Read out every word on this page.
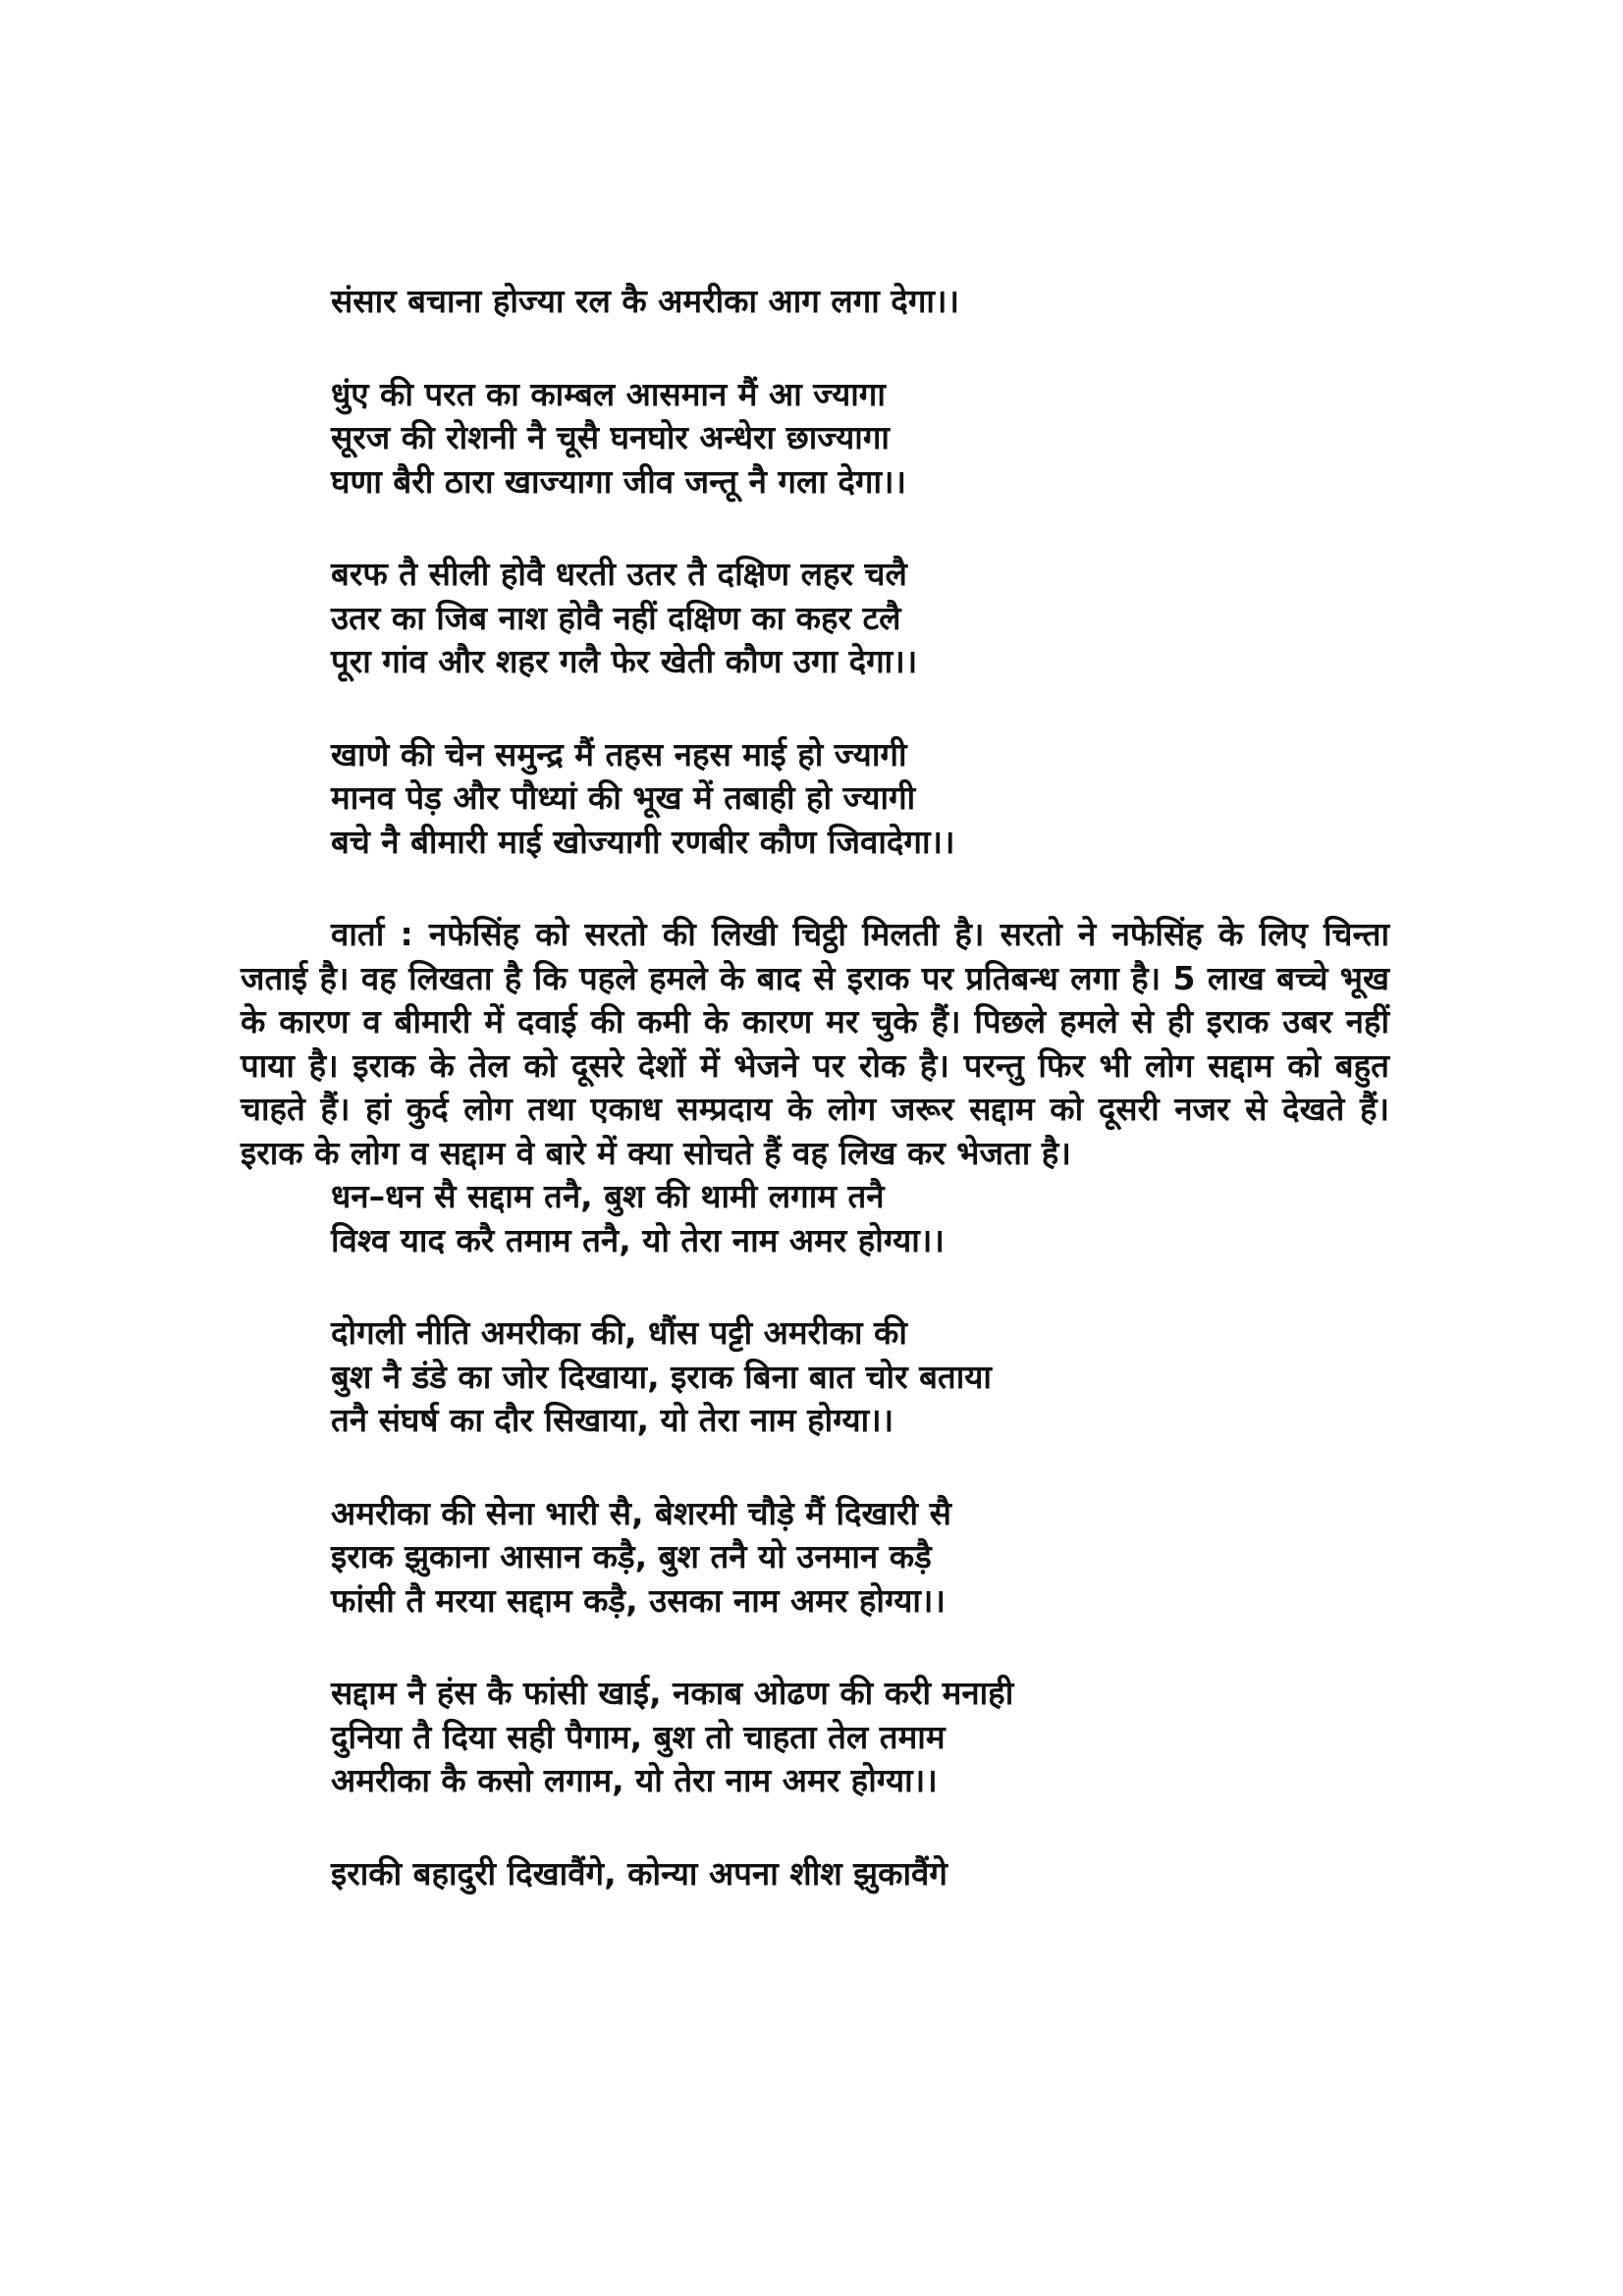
संसार बचाना होज्या रल कै अमरीका आग लगा देगा।।
धुंए की परत का काम्बल आसमान मैं आ ज्यागा
सूरज की रोशनी नै चूसै घनघोर अन्धेरा छाज्यागा
घणा बैरी ठारा खाज्यागा जीव जन्तू नै गला देगा।।
बरफ तै सीली होवै धरती उतर तै दक्षिण लहर चलै
उतर का जिब नाश होवै नहीं दक्षिण का कहर टलै
पूरा गांव और शहर गलै फेर खेती कौण उगा देगा।।
खाणे की चेन समुन्द्र मैं तहस नहस माई हो ज्यागी
मानव पेड़ और पौध्यां की भूख में तबाही हो ज्यागी
बचे नै बीमारी माई खोज्यागी रणबीर कौण जिवादेगा।।

वार्ता : नफेसिंह को सरतो की लिखी चिट्ठी मिलती है। सरतो ने नफेसिंह के लिए चिन्ता जताई है। वह लिखता है कि पहले हमले के बाद से इराक पर प्रतिबन्ध लगा है। 5 लाख बच्चे भूख के कारण व बीमारी में दवाई की कमी के कारण मर चुके हैं। पिछले हमले से ही इराक उबर नहीं पाया है। इराक के तेल को दूसरे देशों में भेजने पर रोक है। परन्तु फिर भी लोग सद्दाम को बहुत चाहते हैं। हां कुर्द लोग तथा एकाध सम्प्रदाय के लोग जरूर सद्दाम को दूसरी नजर से देखते हैं। इराक के लोग व सद्दाम वे बारे में क्या सोचते हैं वह लिख कर भेजता है।

धन–धन सै सद्दाम तनै, बुश की थामी लगाम तनै
विश्व याद करै तमाम तनै, यो तेरा नाम अमर होग्या।।
दोगली नीति अमरीका की, धौंस पट्टी अमरीका की
बुश नै डंडे का जोर दिखाया, इराक बिना बात चोर बताया
तनै संघर्ष का दौर सिखाया, यो तेरा नाम होग्या।।
अमरीका की सेना भारी सै, बेशरमी चौड़े मैं दिखारी सै
इराक झुकाना आसान कड़ै, बुश तनै यो उनमान कड़ै
फांसी तै मरया सद्दाम कड़ै, उसका नाम अमर होग्या।।
सद्दाम नै हंस कै फांसी खाई, नकाब ओढण की करी मनाही
दुनिया तै दिया सही पैगाम, बुश तो चाहता तेल तमाम
अमरीका कै कसो लगाम, यो तेरा नाम अमर होग्या।।
इराकी बहादुरी दिखावैंगे, कोन्या अपना शीश झुकावैंगे
